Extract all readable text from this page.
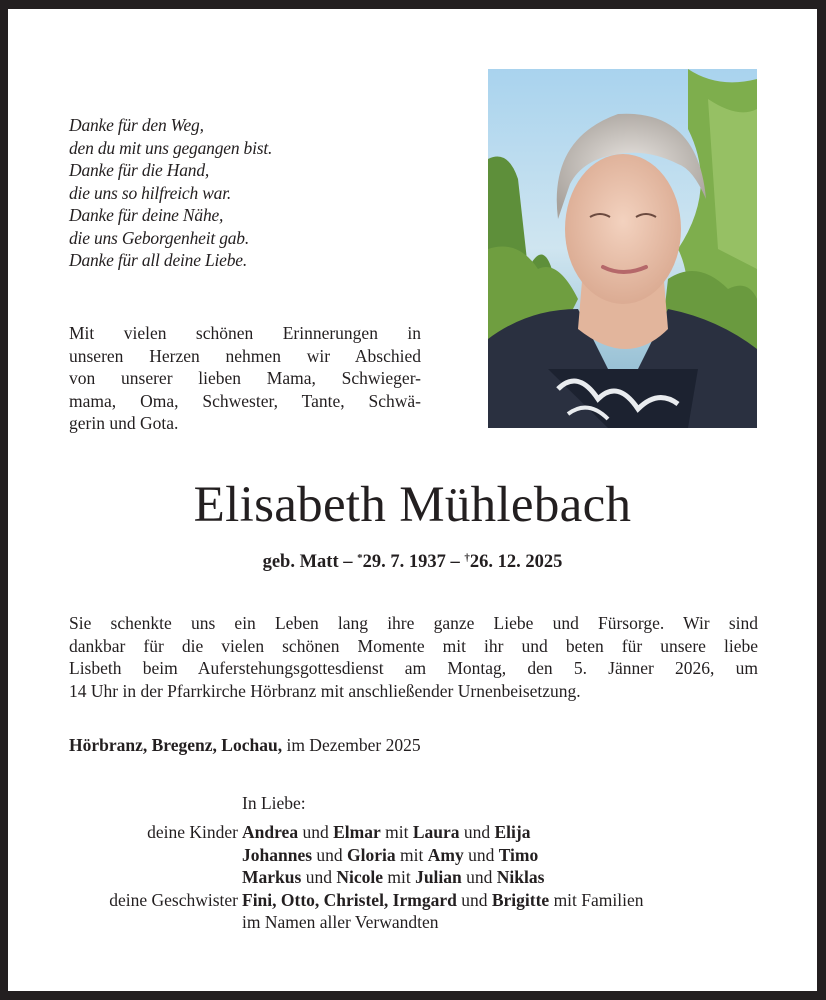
Danke für den Weg,
den du mit uns gegangen bist.
Danke für die Hand,
die uns so hilfreich war.
Danke für deine Nähe,
die uns Geborgenheit gab.
Danke für all deine Liebe.
Mit vielen schönen Erinnerungen in
unseren Herzen nehmen wir Abschied
von unserer lieben Mama, Schwieger-
mama, Oma, Schwester, Tante, Schwä-
gerin und Gota.
Elisabeth Mühlebach
geb. Matt – *29. 7. 1937 – †26. 12. 2025
Sie schenkte uns ein Leben lang ihre ganze Liebe und Fürsorge. Wir sind
dankbar für die vielen schönen Momente mit ihr und beten für unsere liebe
Lisbeth beim Auferstehungsgottesdienst am Montag, den 5. Jänner 2026, um
14 Uhr in der Pfarrkirche Hörbranz mit anschließender Urnenbeisetzung.
Hörbranz, Bregenz, Lochau, im Dezember 2025
In Liebe:
deine Kinder Andrea und Elmar mit Laura und Elija
Johannes und Gloria mit Amy und Timo
Markus und Nicole mit Julian und Niklas
deine Geschwister Fini, Otto, Christel, Irmgard und Brigitte mit Familien
im Namen aller Verwandten
